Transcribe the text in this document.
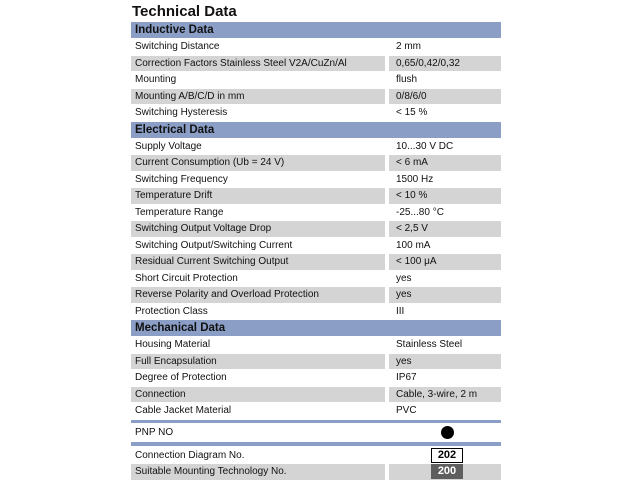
Technical Data
Inductive Data
Switching Distance	2 mm
Correction Factors Stainless Steel V2A/CuZn/Al	0,65/0,42/0,32
Mounting	flush
Mounting A/B/C/D in mm	0/8/6/0
Switching Hysteresis	< 15 %
Electrical Data
Supply Voltage	10...30 V DC
Current Consumption (Ub = 24 V)	< 6 mA
Switching Frequency	1500 Hz
Temperature Drift	< 10 %
Temperature Range	-25...80 °C
Switching Output Voltage Drop	< 2,5 V
Switching Output/Switching Current	100 mA
Residual Current Switching Output	< 100 μA
Short Circuit Protection	yes
Reverse Polarity and Overload Protection	yes
Protection Class	III
Mechanical Data
Housing Material	Stainless Steel
Full Encapsulation	yes
Degree of Protection	IP67
Connection	Cable, 3-wire, 2 m
Cable Jacket Material	PVC
PNP NO
Connection Diagram No.	202
Suitable Mounting Technology No.	200
